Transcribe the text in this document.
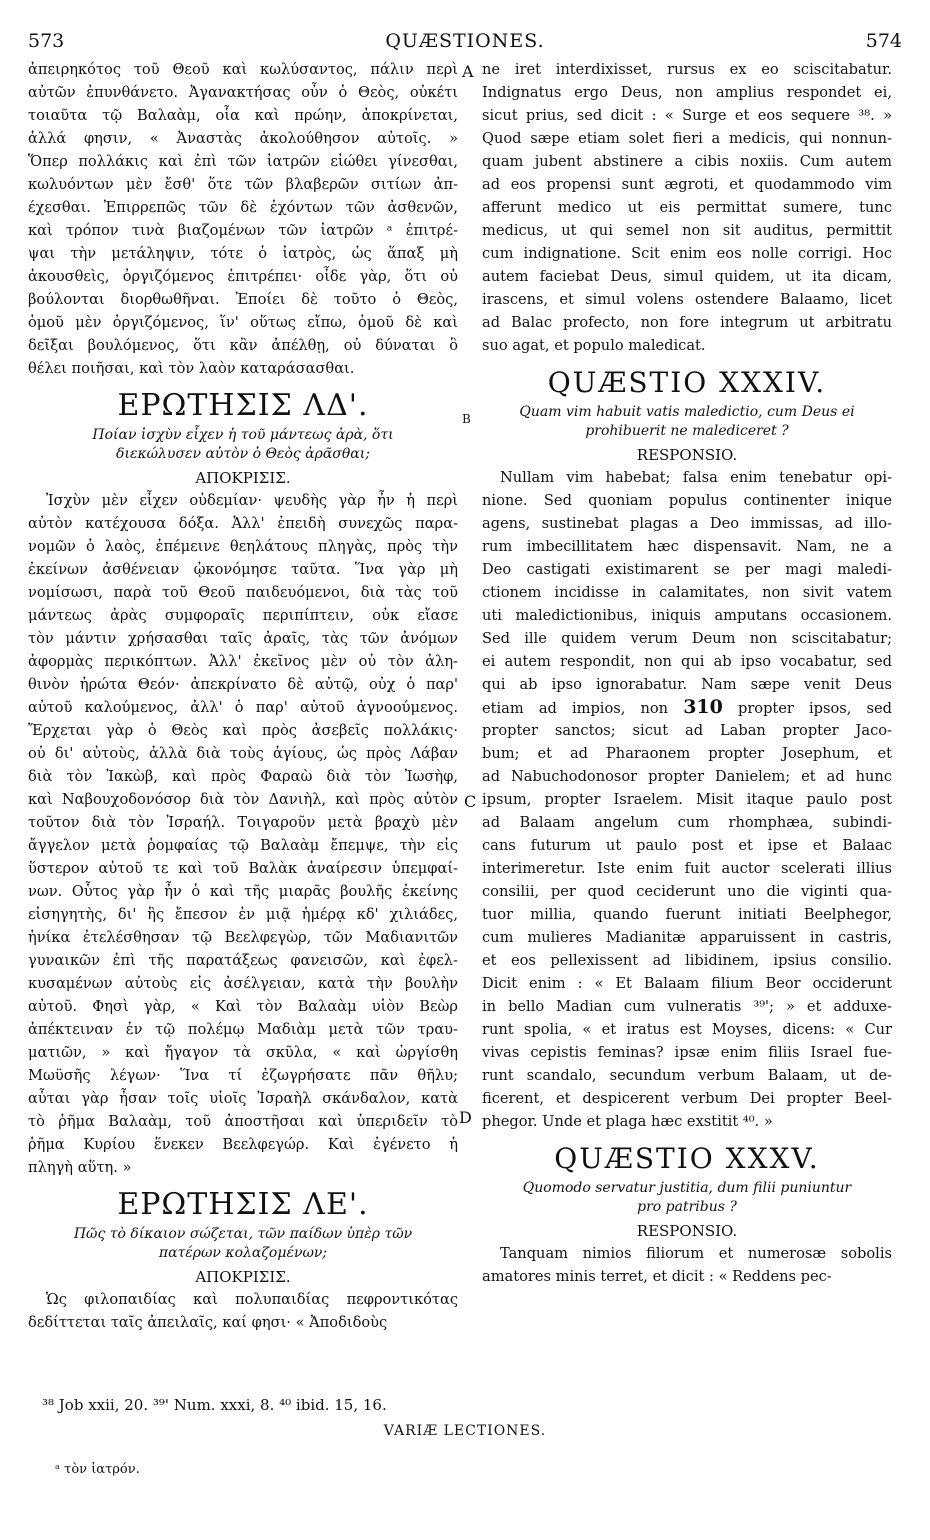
573	QUÆSTIONES.	574
A
B
C
D
ἀπειρηκότος τοῦ Θεοῦ καὶ κωλύσαντος, πάλιν περὶ
αὐτῶν ἐπυνθάνετο. Ἀγανακτήσας οὖν ὁ Θεὸς, οὐκέτι
τοιαῦτα τῷ Βαλαὰμ, οἷα καὶ πρώην, ἀποκρίνεται,
ἀλλά φησιν, « Ἀναστὰς ἀκολούθησον αὐτοῖς. »
Ὅπερ πολλάκις καὶ ἐπὶ τῶν ἰατρῶν εἰώθει γίνεσθαι,
κωλυόντων μὲν ἔσθ' ὅτε τῶν βλαβερῶν σιτίων ἀπ-
έχεσθαι. Ἐπιρρεπῶς τῶν δὲ ἐχόντων τῶν ἀσθενῶν,
καὶ τρόπον τινὰ βιαζομένων τῶν ἰατρῶν ᵃ ἐπιτρέ-
ψαι τὴν μετάληψιν, τότε ὁ ἰατρὸς, ὡς ἅπαξ μὴ
ἀκουσθεὶς, ὀργιζόμενος ἐπιτρέπει· οἶδε γὰρ, ὅτι οὐ
βούλονται διορθωθῆναι. Ἐποίει δὲ τοῦτο ὁ Θεὸς,
ὁμοῦ μὲν ὀργιζόμενος, ἵν' οὕτως εἴπω, ὁμοῦ δὲ καὶ
δεῖξαι βουλόμενος, ὅτι κἂν ἀπέλθῃ, οὐ δύναται ὃ
θέλει ποιῆσαι, καὶ τὸν λαὸν καταράσασθαι.
ΕΡΩΤΗΣΙΣ ΛΔ'.
Ποίαν ἰσχὺν εἶχεν ἡ τοῦ μάντεως ἀρὰ, ὅτι
διεκώλυσεν αὐτὸν ὁ Θεὸς ἀρᾶσθαι;
ΑΠΟΚΡΙΣΙΣ.
Ἰσχὺν μὲν εἶχεν οὐδεμίαν· ψευδὴς γὰρ ἦν ἡ περὶ
αὐτὸν κατέχουσα δόξα. Ἀλλ' ἐπειδὴ συνεχῶς παρα-
νομῶν ὁ λαὸς, ἐπέμεινε θεηλάτους πληγὰς, πρὸς τὴν
ἐκείνων ἀσθένειαν ᾠκονόμησε ταῦτα. Ἵνα γὰρ μὴ
νομίσωσι, παρὰ τοῦ Θεοῦ παιδευόμενοι, διὰ τὰς τοῦ
μάντεως ἀρὰς συμφοραῖς περιπίπτειν, οὐκ εἴασε
τὸν μάντιν χρήσασθαι ταῖς ἀραῖς, τὰς τῶν ἀνόμων
ἀφορμὰς περικόπτων. Ἀλλ' ἐκεῖνος μὲν οὐ τὸν ἀλη-
θινὸν ἠρώτα Θεόν· ἀπεκρίνατο δὲ αὐτῷ, οὐχ ὁ παρ'
αὐτοῦ καλούμενος, ἀλλ' ὁ παρ' αὐτοῦ ἀγνοούμενος.
Ἔρχεται γὰρ ὁ Θεὸς καὶ πρὸς ἀσεβεῖς πολλάκις·
οὐ δι' αὐτοὺς, ἀλλὰ διὰ τοὺς ἁγίους, ὡς πρὸς Λάβαν
διὰ τὸν Ἰακὼβ, καὶ πρὸς Φαραὼ διὰ τὸν Ἰωσὴφ,
καὶ Ναβουχοδονόσορ διὰ τὸν Δανιὴλ, καὶ πρὸς αὐτὸν
τοῦτον διὰ τὸν Ἰσραήλ. Τοιγαροῦν μετὰ βραχὺ μὲν
ἄγγελον μετὰ ῥομφαίας τῷ Βαλαὰμ ἔπεμψε, τὴν εἰς
ὕστερον αὐτοῦ τε καὶ τοῦ Βαλὰκ ἀναίρεσιν ὑπεμφαί-
νων. Οὗτος γὰρ ἦν ὁ καὶ τῆς μιαρᾶς βουλῆς ἐκείνης
εἰσηγητὴς, δι' ἣς ἔπεσον ἐν μιᾷ ἡμέρᾳ κδ' χιλιάδες,
ἡνίκα ἐτελέσθησαν τῷ Βεελφεγὼρ, τῶν Μαδιανιτῶν
γυναικῶν ἐπὶ τῆς παρατάξεως φανεισῶν, καὶ ἐφελ-
κυσαμένων αὐτοὺς εἰς ἀσέλγειαν, κατὰ τὴν βουλὴν
αὐτοῦ. Φησὶ γὰρ, « Καὶ τὸν Βαλαὰμ υἱὸν Βεὼρ
ἀπέκτειναν ἐν τῷ πολέμῳ Μαδιὰμ μετὰ τῶν τραυ-
ματιῶν, » καὶ ἤγαγον τὰ σκῦλα, « καὶ ὠργίσθη
Μωϋσῆς λέγων· Ἵνα τί ἐζωγρήσατε πᾶν θῆλυ;
αὗται γὰρ ἦσαν τοῖς υἱοῖς Ἰσραὴλ σκάνδαλον, κατὰ
τὸ ῥῆμα Βαλαὰμ, τοῦ ἀποστῆσαι καὶ ὑπεριδεῖν τὸ
ῥῆμα Κυρίου ἕνεκεν Βεελφεγώρ. Καὶ ἐγένετο ἡ
πληγὴ αὕτη. »
ΕΡΩΤΗΣΙΣ ΛΕ'.
Πῶς τὸ δίκαιον σώζεται, τῶν παίδων ὑπὲρ τῶν
πατέρων κολαζομένων;
ΑΠΟΚΡΙΣΙΣ.
Ὡς φιλοπαιδίας καὶ πολυπαιδίας πεφροντικότας
δεδίττεται ταῖς ἀπειλαῖς, καί φησι· « Ἀποδιδοὺς
ne iret interdixisset, rursus ex eo sciscitabatur.
Indignatus ergo Deus, non amplius respondet ei,
sicut prius, sed dicit : « Surge et eos sequere ³⁸. »
Quod sæpe etiam solet fieri a medicis, qui nonnun-
quam jubent abstinere a cibis noxiis. Cum autem
ad eos propensi sunt ægroti, et quodammodo vim
afferunt medico ut eis permittat sumere, tunc
medicus, ut qui semel non sit auditus, permittit
cum indignatione. Scit enim eos nolle corrigi. Hoc
autem faciebat Deus, simul quidem, ut ita dicam,
irascens, et simul volens ostendere Balaamo, licet
ad Balac profecto, non fore integrum ut arbitratu
suo agat, et populo maledicat.
QUÆSTIO XXXIV.
Quam vim habuit vatis maledictio, cum Deus ei
prohibuerit ne malediceret ?
RESPONSIO.
Nullam vim habebat; falsa enim tenebatur opi-
nione. Sed quoniam populus continenter inique
agens, sustinebat plagas a Deo immissas, ad illo-
rum imbecillitatem hæc dispensavit. Nam, ne a
Deo castigati existimarent se per magi maledi-
ctionem incidisse in calamitates, non sivit vatem
uti maledictionibus, iniquis amputans occasionem.
Sed ille quidem verum Deum non sciscitabatur;
ei autem respondit, non qui ab ipso vocabatur, sed
qui ab ipso ignorabatur. Nam sæpe venit Deus
etiam ad impios, non 310 propter ipsos, sed
propter sanctos; sicut ad Laban propter Jaco-
bum; et ad Pharaonem propter Josephum, et
ad Nabuchodonosor propter Danielem; et ad hunc
ipsum, propter Israelem. Misit itaque paulo post
ad Balaam angelum cum rhomphæa, subindi-
cans futurum ut paulo post et ipse et Balaac
interimeretur. Iste enim fuit auctor sceleratі illius
consilii, per quod ceciderunt uno die viginti qua-
tuor millia, quando fuerunt initiati Beelphegor,
cum mulieres Madianitæ apparuissent in castris,
et eos pellexissent ad libidinem, ipsius consilio.
Dicit enim : « Et Balaam filium Beor occiderunt
in bello Madian cum vulneratis ³⁹'; » et adduxe-
runt spolia, « et iratus est Moyses, dicens: « Cur
vivas cepistis feminas? ipsæ enim filiis Israel fue-
runt scandalo, secundum verbum Balaam, ut de-
ficerent, et despicerent verbum Dei propter Beel-
phegor. Unde et plaga hæc exstitit ⁴⁰. »
QUÆSTIO XXXV.
Quomodo servatur justitia, dum filii puniuntur
pro patribus ?
RESPONSIO.
Tanquam nimios filiorum et numerosæ sobolis
amatores minis terret, et dicit : « Reddens pec-
³⁸ Job xxii, 20. ³⁹' Num. xxxi, 8. ⁴⁰ ibid. 15, 16.
VARIÆ LECTIONES.
ᵃ τὸν ἰατρόν.
